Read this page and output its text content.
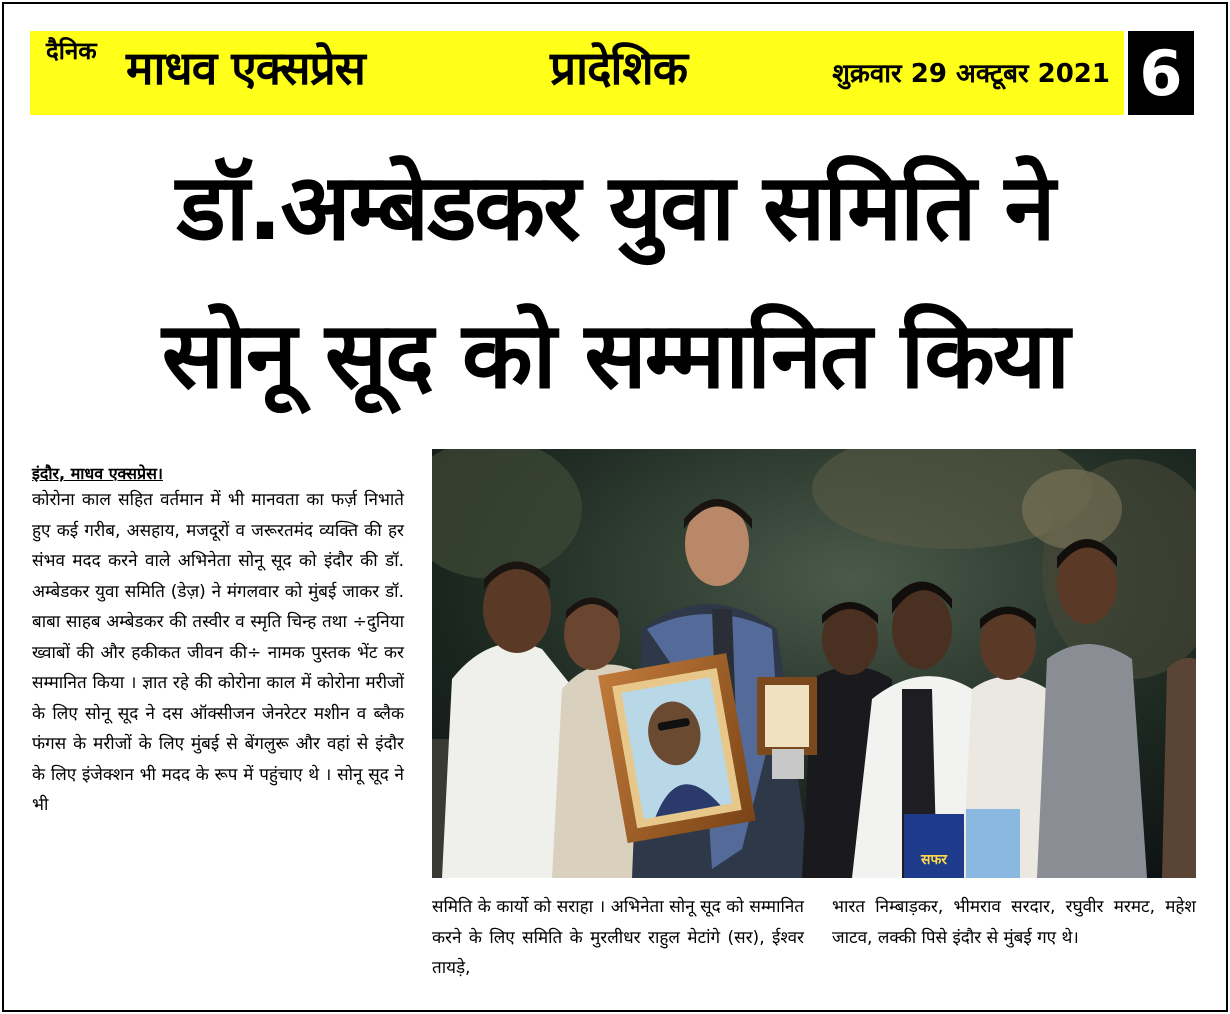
दैनिक माधव एक्सप्रेस	प्रादेशिक	शुक्रवार 29 अक्टूबर 2021 6
डॉ.अम्बेडकर युवा समिति ने
सोनू सूद को सम्मानित किया
इंदौर, माधव एक्सप्रेस।
कोरोना काल सहित वर्तमान में भी मानवता का फर्ज़ निभाते हुए कई गरीब, असहाय, मजदूरों व जरूरतमंद व्यक्ति की हर संभव मदद करने वाले अभिनेता सोनू सूद को इंदौर की डॉ. अम्बेडकर युवा समिति (डेज़) ने मंगलवार को मुंबई जाकर डॉ. बाबा साहब अम्बेडकर की तस्वीर व स्मृति चिन्ह तथा ÷दुनिया ख्वाबों की और हकीकत जीवन की÷ नामक पुस्तक भेंट कर सम्मानित किया । ज्ञात रहे की कोरोना काल में कोरोना मरीजों के लिए सोनू सूद ने दस ऑक्सीजन जेनरेटर मशीन व ब्लैक फंगस के मरीजों के लिए मुंबई से बेंगलुरू और वहां से इंदौर के लिए इंजेक्शन भी मदद के रूप में पहुंचाए थे । सोनू सूद ने भी
सफर
समिति के कार्यो को सराहा । अभिनेता सोनू सूद को सम्मानित करने के लिए समिति के मुरलीधर राहुल मेटांगे (सर), ईश्वर तायड़े,
भारत निम्बाड़कर, भीमराव सरदार, रघुवीर मरमट, महेश जाटव, लक्की पिसे इंदौर से मुंबई गए थे।
